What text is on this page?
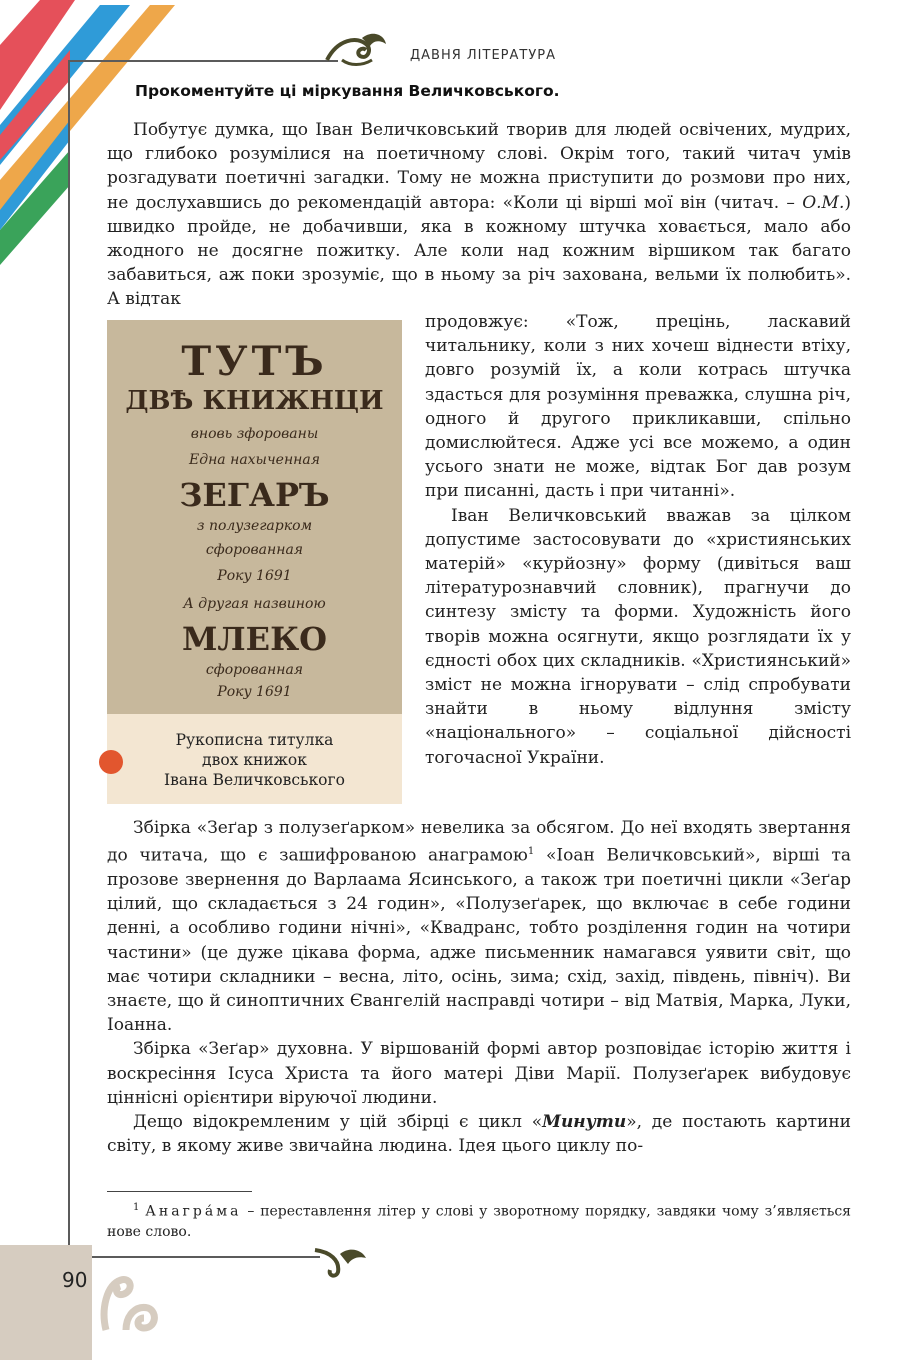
ДАВНЯ ЛІТЕРАТУРА
Прокоментуйте ці міркування Величковського.

Побутує думка, що Іван Величковський творив для людей освічених, мудрих, що глибоко розумілися на поетичному слові. Окрім того, такий читач умів розгадувати поетичні загадки. Тому не можна приступити до розмови про них, не дослухавшись до рекомендацій автора: «Коли ці вірші мої він (читач. – О.М.) швидко пройде, не добачивши, яка в кожному штучка ховається, мало або жодного не досягне пожитку. Але коли над кожним віршиком так багато забавиться, аж поки зрозуміє, що в ньому за річ захована, вельми їх полюбить». А відтак

продовжує: «Тож, прецінь, ласкавий читальнику, коли з них хочеш віднести втіху, довго розумій їх, а коли котрась штучка здасться для розуміння преважка, слушна річ, одного й другого прикликавши, спільно домислюйтеся. Адже усі все можемо, а один усього знати не може, відтак Бог дав розум при писанні, дасть і при читанні».

Іван Величковський вважав за цілком допустиме застосовувати до «християнських матерій» «курйозну» форму (дивіться ваш літературознавчий словник), прагнучи до синтезу змісту та форми. Художність його творів можна осягнути, якщо розглядати їх у єдності обох цих складників. «Християнський» зміст не можна ігнорувати – слід спробувати знайти в ньому відлуння змісту «національного» – соціальної дійсності тогочасної України.

ТУТЪ
ДВѢ КНИЖНЦИ
вновь зфорованы
Една нахыченная
ЗЕГАРЪ
з полузегарком
сфорованная
Року 1691
А другая назвиною
МЛЕКО
сфорованная
Року 1691
Рукописна титулка
двох книжок
Івана Величковського

Збірка «Зеґар з полузеґарком» невелика за обсягом. До неї входять звертання до читача, що є зашифрованою анаграмою$^1$ «Іоан Величковський», вірші та прозове звернення до Варлаама Ясинського, а також три поетичні цикли «Зеґар цілий, що складається з 24 годин», «Полузеґарек, що включає в себе години денні, а особливо години нічні», «Квадранс, тобто розділення годин на чотири частини» (це дуже цікава форма, адже письменник намагався уявити світ, що має чотири складники – весна, літо, осінь, зима; схід, захід, південь, північ). Ви знаєте, що й синоптичних Євангелій насправді чотири – від Матвія, Марка, Луки, Іоанна.

Збірка «Зеґар» духовна. У віршованій формі автор розповідає історію життя і воскресіння Ісуса Христа та його матері Діви Марії. Полузеґарек вибудовує ціннісні орієнтири віруючої людини.

Дещо відокремленим у цій збірці є цикл «Минути», де постають картини світу, в якому живе звичайна людина. Ідея цього циклу по-

$^1$ Анагра́ма – переставлення літер у слові у зворотному порядку, завдяки чому з’являється нове слово.

90
